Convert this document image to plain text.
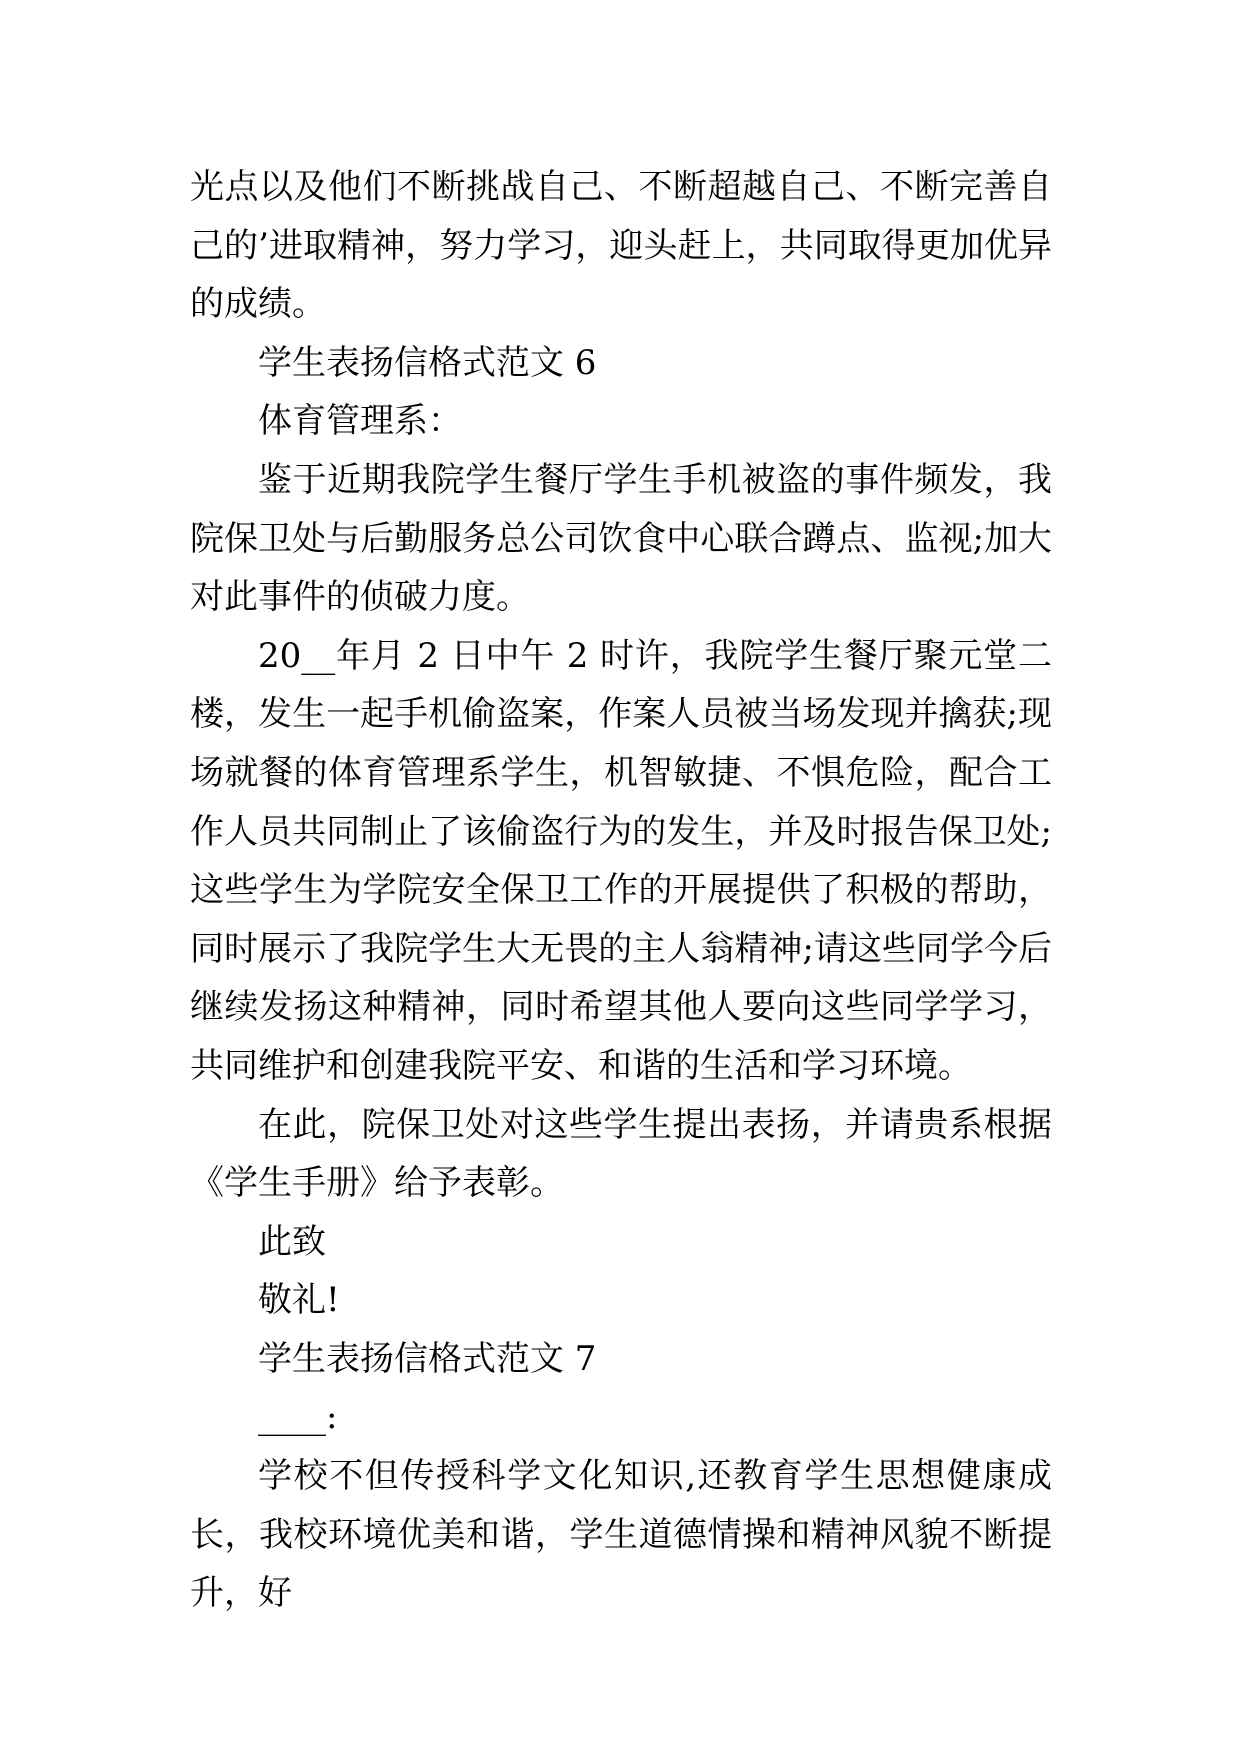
光点以及他们不断挑战自己、不断超越自己、不断完善自己的’进取精神，努力学习，迎头赶上，共同取得更加优异的成绩。

学生表扬信格式范文 6

体育管理系：

鉴于近期我院学生餐厅学生手机被盗的事件频发，我院保卫处与后勤服务总公司饮食中心联合蹲点、监视;加大对此事件的侦破力度。

20__年月 2 日中午 2 时许，我院学生餐厅聚元堂二楼，发生一起手机偷盗案，作案人员被当场发现并擒获;现场就餐的体育管理系学生，机智敏捷、不惧危险，配合工作人员共同制止了该偷盗行为的发生，并及时报告保卫处;这些学生为学院安全保卫工作的开展提供了积极的帮助，同时展示了我院学生大无畏的主人翁精神;请这些同学今后继续发扬这种精神，同时希望其他人要向这些同学学习，共同维护和创建我院平安、和谐的生活和学习环境。

在此，院保卫处对这些学生提出表扬，并请贵系根据《学生手册》给予表彰。

此致

敬礼!

学生表扬信格式范文 7

____:

学校不但传授科学文化知识,还教育学生思想健康成长，我校环境优美和谐，学生道德情操和精神风貌不断提升，好
